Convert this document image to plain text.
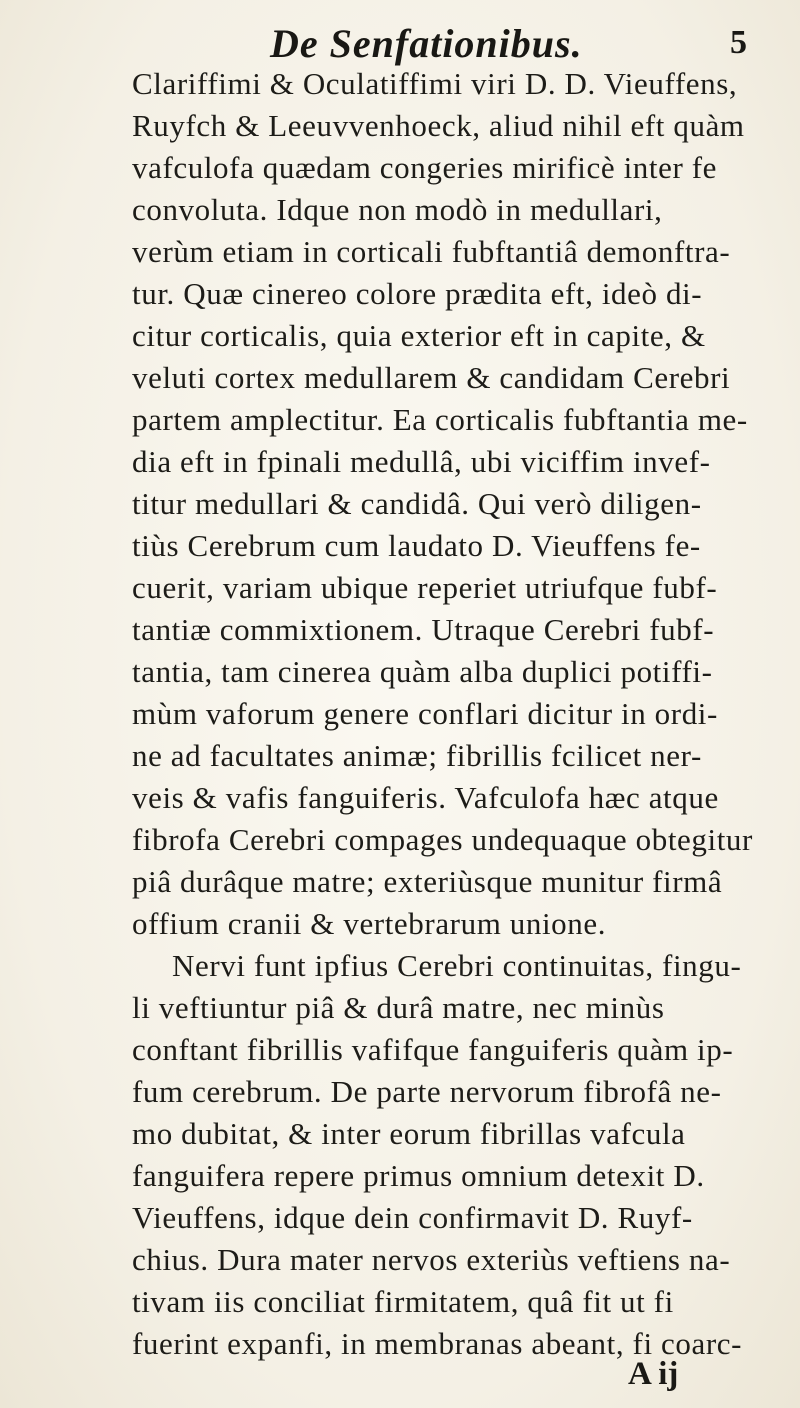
De Senfationibus.	5
Clariffimi & Oculatiffimi viri D. D. Vieuffens,
Ruyfch & Leeuvvenhoeck, aliud nihil eft quàm
vafculofa quædam congeries mirificè inter fe
convoluta. Idque non modò in medullari,
verùm etiam in corticali fubftantiâ demonftra-
tur. Quæ cinereo colore prædita eft, ideò di-
citur corticalis, quia exterior eft in capite, &
veluti cortex medullarem & candidam Cerebri
partem amplectitur. Ea corticalis fubftantia me-
dia eft in fpinali medullâ, ubi viciffim invef-
titur medullari & candidâ. Qui verò diligen-
tiùs Cerebrum cum laudato D. Vieuffens fe-
cuerit, variam ubique reperiet utriufque fubf-
tantiæ commixtionem. Utraque Cerebri fubf-
tantia, tam cinerea quàm alba duplici potiffi-
mùm vaforum genere conflari dicitur in ordi-
ne ad facultates animæ; fibrillis fcilicet ner-
veis & vafis fanguiferis. Vafculofa hæc atque
fibrofa Cerebri compages undequaque obtegitur
piâ durâque matre; exteriùsque munitur firmâ
offium cranii & vertebrarum unione.
Nervi funt ipfius Cerebri continuitas, fingu-
li veftiuntur piâ & durâ matre, nec minùs
conftant fibrillis vafifque fanguiferis quàm ip-
fum cerebrum. De parte nervorum fibrofâ ne-
mo dubitat, & inter eorum fibrillas vafcula
fanguifera repere primus omnium detexit D.
Vieuffens, idque dein confirmavit D. Ruyf-
chius. Dura mater nervos exteriùs veftiens na-
tivam iis conciliat firmitatem, quâ fit ut fi
fuerint expanfi, in membranas abeant, fi coarc-
A ij
